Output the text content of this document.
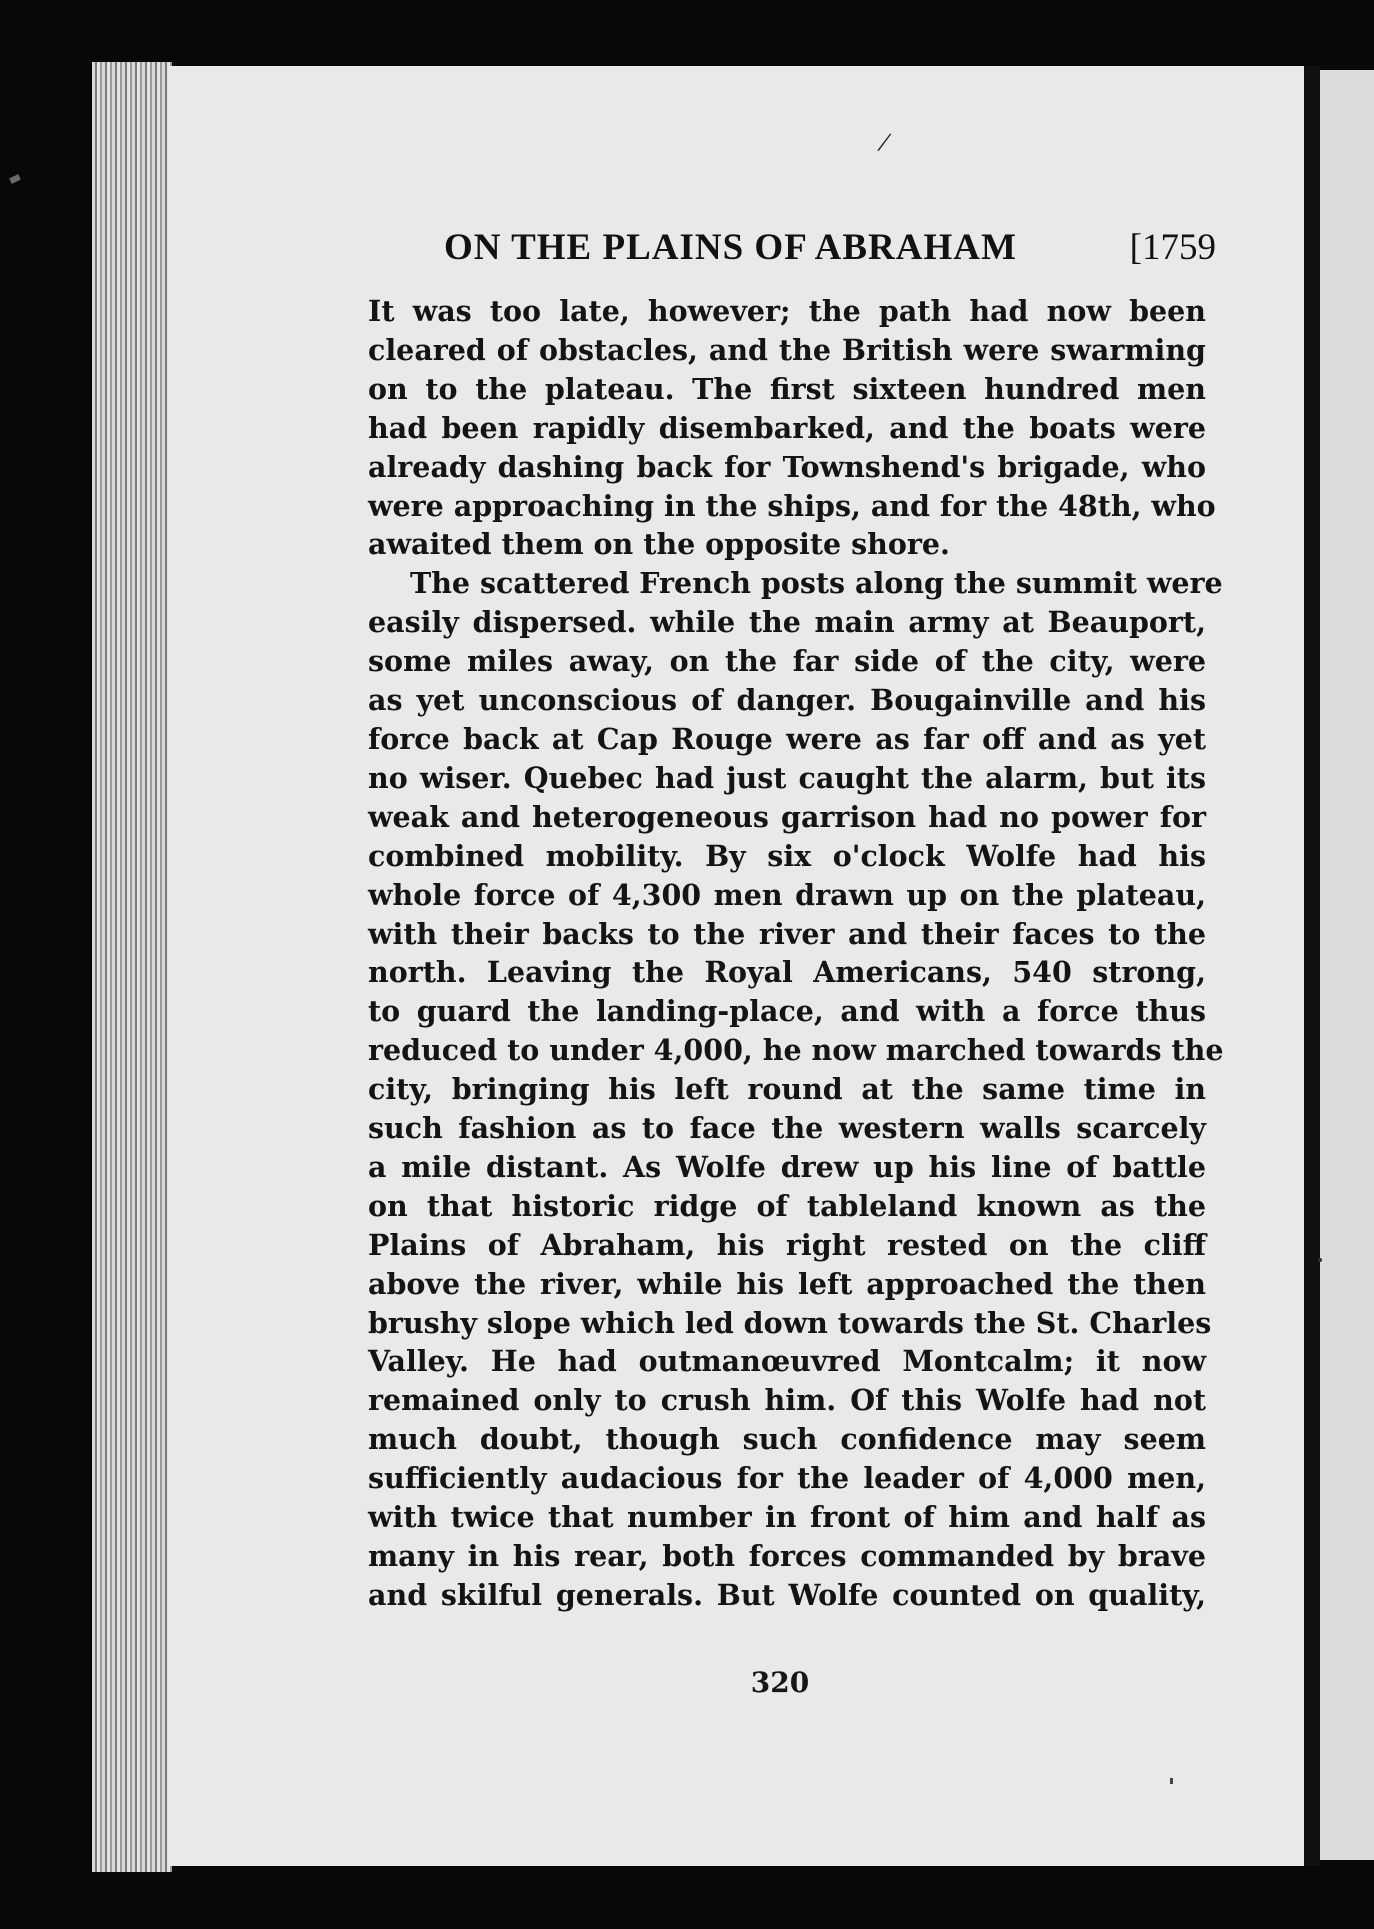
/
ON THE PLAINS OF ABRAHAM	[1759

It was too late, however; the path had now been
cleared of obstacles, and the British were swarming
on to the plateau. The first sixteen hundred men
had been rapidly disembarked, and the boats were
already dashing back for Townshend's brigade, who
were approaching in the ships, and for the 48th, who
awaited them on the opposite shore.

The scattered French posts along the summit were
easily dispersed. while the main army at Beauport,
some miles away, on the far side of the city, were
as yet unconscious of danger. Bougainville and his
force back at Cap Rouge were as far off and as yet
no wiser. Quebec had just caught the alarm, but its
weak and heterogeneous garrison had no power for
combined mobility. By six o'clock Wolfe had his
whole force of 4,300 men drawn up on the plateau,
with their backs to the river and their faces to the
north. Leaving the Royal Americans, 540 strong,
to guard the landing-place, and with a force thus
reduced to under 4,000, he now marched towards the
city, bringing his left round at the same time in
such fashion as to face the western walls scarcely
a mile distant. As Wolfe drew up his line of battle
on that historic ridge of tableland known as the
Plains of Abraham, his right rested on the cliff
above the river, while his left approached the then
brushy slope which led down towards the St. Charles
Valley. He had outmanœuvred Montcalm; it now
remained only to crush him. Of this Wolfe had not
much doubt, though such confidence may seem
sufficiently audacious for the leader of 4,000 men,
with twice that number in front of him and half as
many in his rear, both forces commanded by brave
and skilful generals. But Wolfe counted on quality,

320
